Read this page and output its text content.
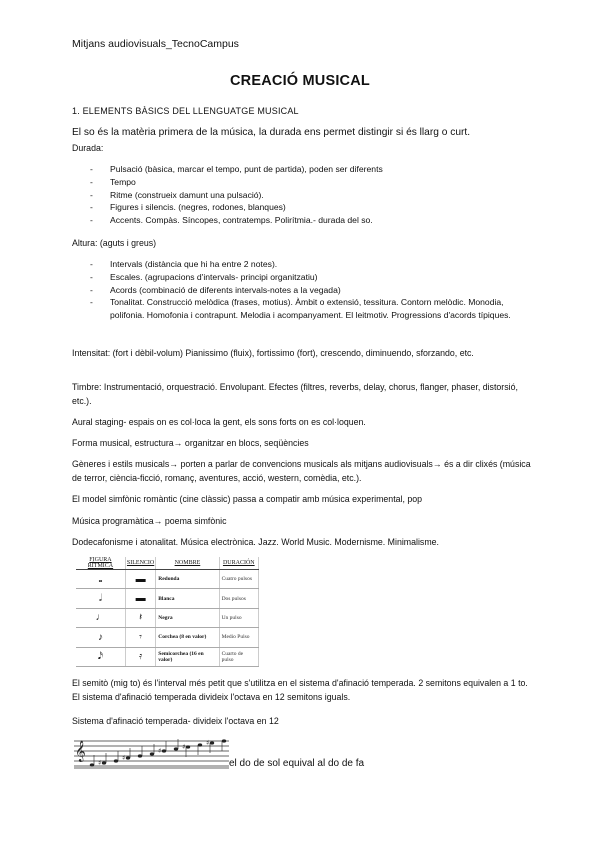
Mitjans audiovisuals_TecnoCampus
CREACIÓ MUSICAL
1. ELEMENTS BÀSICS DEL LLENGUATGE MUSICAL
El so és la matèria primera de la música, la durada ens permet distingir si és llarg o curt.
Durada:
- Pulsació (bàsica, marcar el tempo, punt de partida), poden ser diferents
- Tempo
- Ritme (construeix damunt una pulsació).
- Figures i silencis. (negres, rodones, blanques)
- Accents. Compàs. Síncopes, contratemps. Polirítmia.- durada del so.
Altura: (aguts i greus)
- Intervals (distància que hi ha entre 2 notes).
- Escales. (agrupacions d'intervals- principi organitzatiu)
- Acords (combinació de diferents intervals-notes a la vegada)
- Tonalitat. Construcció melòdica (frases, motius). Àmbit o extensió, tessitura. Contorn melòdic. Monodia, polifonia. Homofonia i contrapunt. Melodia i acompanyament. El leitmotiv. Progressions d'acords típiques.
Intensitat: (fort i dèbil-volum) Pianissimo (fluix), fortissimo (fort), crescendo, diminuendo, sforzando, etc.
Timbre: Instrumentació, orquestració. Envolupant. Efectes (filtres, reverbs, delay, chorus, flanger, phaser, distorsió, etc.).
Aural staging- espais on es col·loca la gent, els sons forts on es col·loquen.
Forma musical, estructura→ organitzar en blocs, seqüències
Gèneres i estils musicals→ porten a parlar de convencions musicals als mitjans audiovisuals→ és a dir clixés (música de terror, ciència-ficció, romanç, aventures, acció, western, comèdia, etc.).
El model simfònic romàntic (cine clàssic) passa a compatir amb música experimental, pop
Música programàtica→ poema simfònic
Dodecafonisme i atonalitat. Música electrònica. Jazz. World Music. Modernisme. Minimalisme.
FIGURA RÍTMICA	SILENCIO	NOMBRE	DURACIÓN
𝅝	▬	Redonda	Cuatro pulsos
𝅗𝅥	▬	Blanca	Dos pulsos
♩	𝄽	Negra	Un pulso
♪	𝄾	Corchea (8 en valor)	Medio Pulso
𝅘𝅥𝅯	𝄿	Semicorchea (16 en valor)	Cuarto de pulso
El semitò (mig to) és l'interval més petit que s'utilitza en el sistema d'afinació temperada. 2 semitons equivalen a 1 to. El sistema d'afinació temperada divideix l'octava en 12 semitons iguals.
Sistema d'afinació temperada- divideix l'octava en 12
𝄞
♯
♯
♯	♯	♯
el do de sol equival al do de fa
